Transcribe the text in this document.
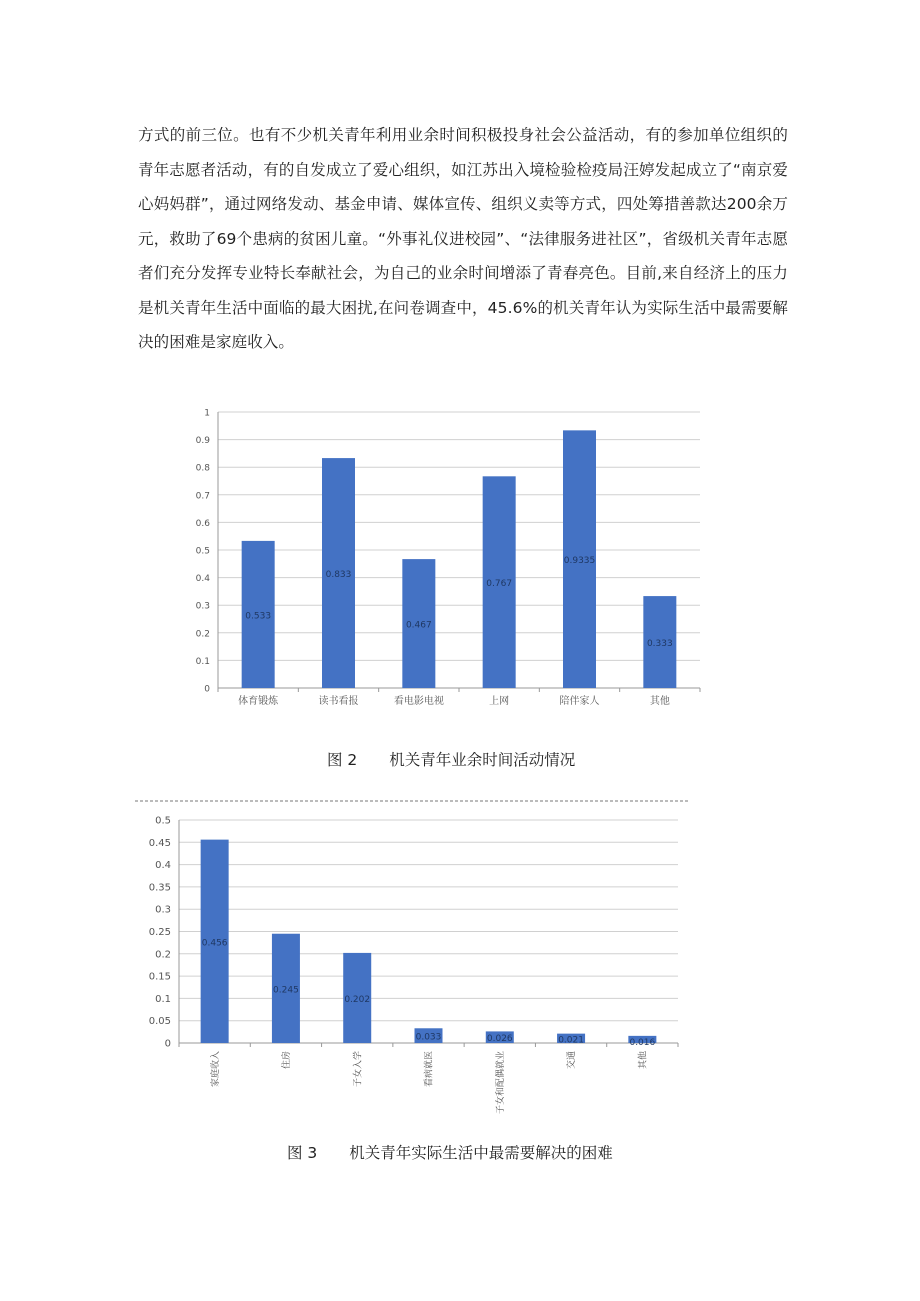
方式的前三位。也有不少机关青年利用业余时间积极投身社会公益活动，有的参加单位组织的青年志愿者活动，有的自发成立了爱心组织，如江苏出入境检验检疫局汪婷发起成立了“南京爱心妈妈群”，通过网络发动、基金申请、媒体宣传、组织义卖等方式，四处筹措善款达200余万元，救助了69个患病的贫困儿童。“外事礼仪进校园”、“法律服务进社区”，省级机关青年志愿者们充分发挥专业特长奉献社会，为自己的业余时间增添了青春亮色。目前,来自经济上的压力是机关青年生活中面临的最大困扰,在问卷调查中，45.6%的机关青年认为实际生活中最需要解决的困难是家庭收入。

0
0.1
0.2
0.3
0.4
0.5
0.6
0.7
0.8
0.9
1
0.533
体育锻炼
0.833
读书看报
0.467
看电影电视
0.767
上网
0.9335
陪伴家人
0.333
其他
图 2 机关青年业余时间活动情况
0
0.05
0.1
0.15
0.2
0.25
0.3
0.35
0.4
0.45
0.5
0.456
家庭收入
0.245
住房
0.202
子女入学
0.033
看病就医
0.026
子女和配偶就业
0.021
交通
0.016
其他
图 3 机关青年实际生活中最需要解决的困难
